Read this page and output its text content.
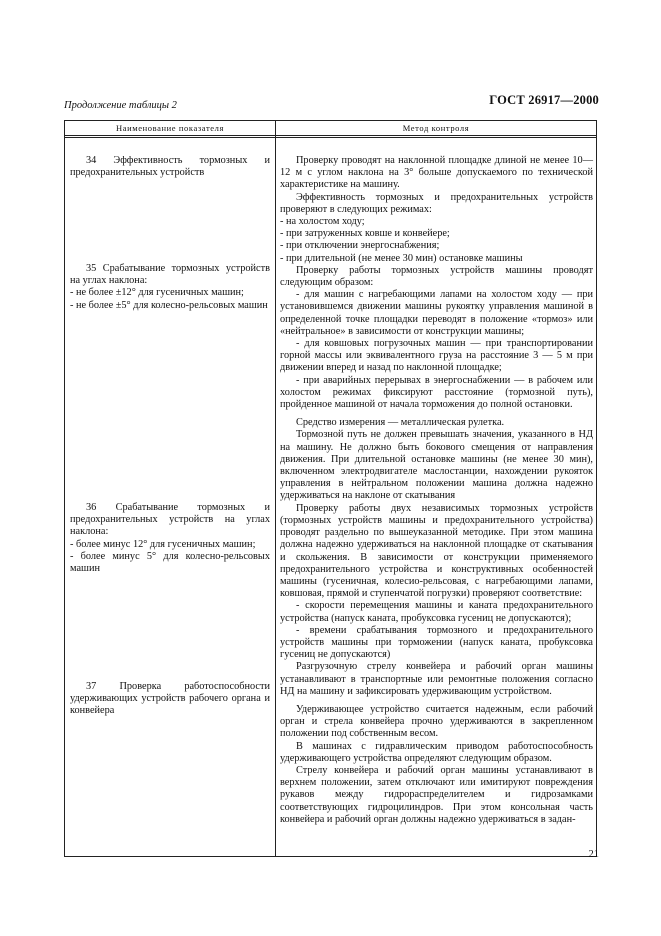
ГОСТ 26917—2000
Продолжение таблицы 2
Наименование показателя	Метод контроля

34 Эффективность тормозных и предохранительных устройств

35 Срабатывание тормозных устройств на углах наклона:

- не более ±12° для гусеничных машин;

- не более ±5° для колесно-рельсовых машин

36 Срабатывание тормозных и предохранительных устройств на углах наклона:

- более минус 12° для гусеничных машин;

- более минус 5° для колесно-рельсовых машин

37 Проверка работоспособности удерживающих устройств рабочего органа и конвейера

Проверку проводят на наклонной площадке длиной не менее 10—12 м с углом наклона на 3° больше допускаемого по технической характеристике на машину.

Эффективность тормозных и предохранительных устройств проверяют в следующих режимах:

- на холостом ходу;

- при затруженных ковше и конвейере;

- при отключении энергоснабжения;

- при длительной (не менее 30 мин) остановке машины

Проверку работы тормозных устройств машины проводят следующим образом:

- для машин с нагребающими лапами на холостом ходу — при установившемся движении машины рукоятку управления машиной в определенной точке площадки переводят в положение «тормоз» или «нейтральное» в зависимости от конструкции машины;

- для ковшовых погрузочных машин — при транспортировании горной массы или эквивалентного груза на расстояние 3 — 5 м при движении вперед и назад по наклонной площадке;

- при аварийных перерывах в энергоснабжении — в рабочем или холостом режимах фиксируют расстояние (тормозной путь), пройденное машиной от начала торможения до полной остановки.

Средство измерения — металлическая рулетка.

Тормозной путь не должен превышать значения, указанного в НД на машину. Не должно быть бокового смещения от направления движения. При длительной остановке машины (не менее 30 мин), включенном электродвигателе маслостанции, нахождении рукояток управления в нейтральном положении машина должна надежно удерживаться на наклоне от скатывания

Проверку работы двух независимых тормозных устройств (тормозных устройств машины и предохранительного устройства) проводят раздельно по вышеуказанной методике. При этом машина должна надежно удерживаться на наклонной площадке от скатывания и скольжения. В зависимости от конструкции применяемого предохранительного устройства и конструктивных особенностей машины (гусеничная, колесио-рельсовая, с нагребающими лапами, ковшовая, прямой и ступенчатой погрузки) проверяют соответствие:

- скорости перемещения машины и каната предохранительного устройства (напуск каната, пробуксовка гусениц не допускаются);

- времени срабатывания тормозного и предохранительного устройств машины при торможении (напуск каната, пробуксовка гусениц не допускаются)

Разгрузочную стрелу конвейера и рабочий орган машины устанавливают в транспортные или ремонтные положения согласно НД на машину и зафиксировать удерживающим устройством.

Удерживающее устройство считается надежным, если рабочий орган и стрела конвейера прочно удерживаются в закрепленном положении под собственным весом.

В машинах с гидравлическим приводом работоспособность удерживающего устройства определяют следующим образом.

Стрелу конвейера и рабочий орган машины устанавливают в верхнем положении, затем отключают или имитируют повреждения рукавов между гидрораспределителем и гидрозамками соответствующих гидроцилиндров. При этом консольная часть конвейера и рабочий орган должны надежно удерживаться в задан-

21
